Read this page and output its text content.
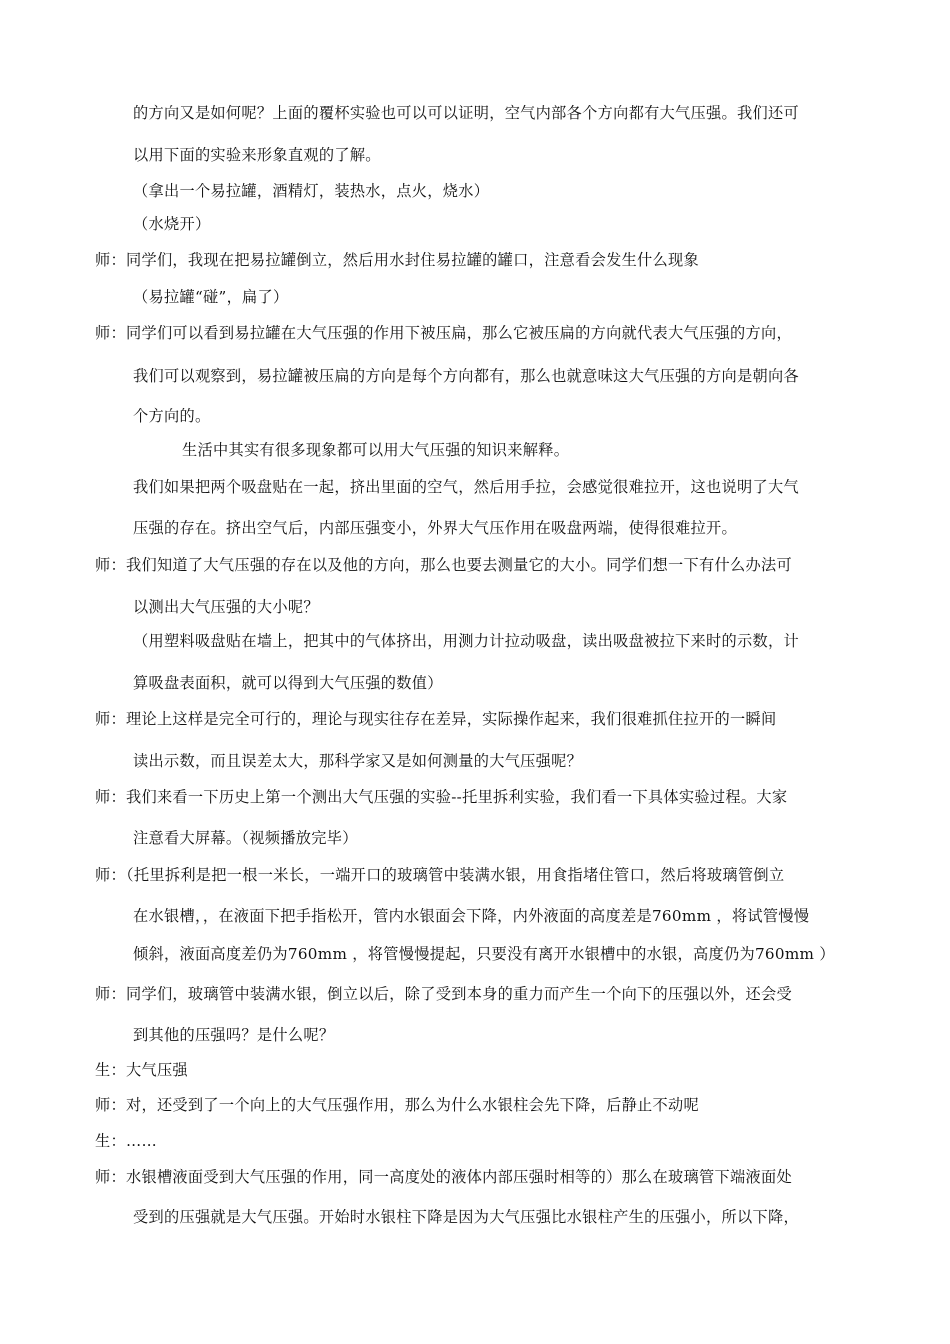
的方向又是如何呢？上面的覆杯实验也可以可以证明，空气内部各个方向都有大气压强。我们还可
以用下面的实验来形象直观的了解。
（拿出一个易拉罐，酒精灯，装热水，点火，烧水）
（水烧开）
师：同学们，我现在把易拉罐倒立，然后用水封住易拉罐的罐口，注意看会发生什么现象
（易拉罐“碰”，扁了）
师：同学们可以看到易拉罐在大气压强的作用下被压扁，那么它被压扁的方向就代表大气压强的方向，
我们可以观察到，易拉罐被压扁的方向是每个方向都有，那么也就意味这大气压强的方向是朝向各
个方向的。
生活中其实有很多现象都可以用大气压强的知识来解释。
我们如果把两个吸盘贴在一起，挤出里面的空气，然后用手拉，会感觉很难拉开，这也说明了大气
压强的存在。挤出空气后，内部压强变小，外界大气压作用在吸盘两端，使得很难拉开。
师：我们知道了大气压强的存在以及他的方向，那么也要去测量它的大小。同学们想一下有什么办法可
以测出大气压强的大小呢？
（用塑料吸盘贴在墙上，把其中的气体挤出，用测力计拉动吸盘，读出吸盘被拉下来时的示数，计
算吸盘表面积，就可以得到大气压强的数值）
师：理论上这样是完全可行的，理论与现实往存在差异，实际操作起来，我们很难抓住拉开的一瞬间
读出示数，而且误差太大，那科学家又是如何测量的大气压强呢？
师：我们来看一下历史上第一个测出大气压强的实验--托里拆利实验，我们看一下具体实验过程。大家
注意看大屏幕。（视频播放完毕）
师：（托里拆利是把一根一米长，一端开口的玻璃管中装满水银，用食指堵住管口，然后将玻璃管倒立
在水银槽，，在液面下把手指松开，管内水银面会下降，内外液面的高度差是760mm ，将试管慢慢
倾斜，液面高度差仍为760mm ，将管慢慢提起，只要没有离开水银槽中的水银，高度仍为760mm ）
师：同学们，玻璃管中装满水银，倒立以后，除了受到本身的重力而产生一个向下的压强以外，还会受
到其他的压强吗？是什么呢？
生：大气压强
师：对，还受到了一个向上的大气压强作用，那么为什么水银柱会先下降，后静止不动呢
生：……
师：水银槽液面受到大气压强的作用，同一高度处的液体内部压强时相等的）那么在玻璃管下端液面处
受到的压强就是大气压强。开始时水银柱下降是因为大气压强比水银柱产生的压强小，所以下降，
